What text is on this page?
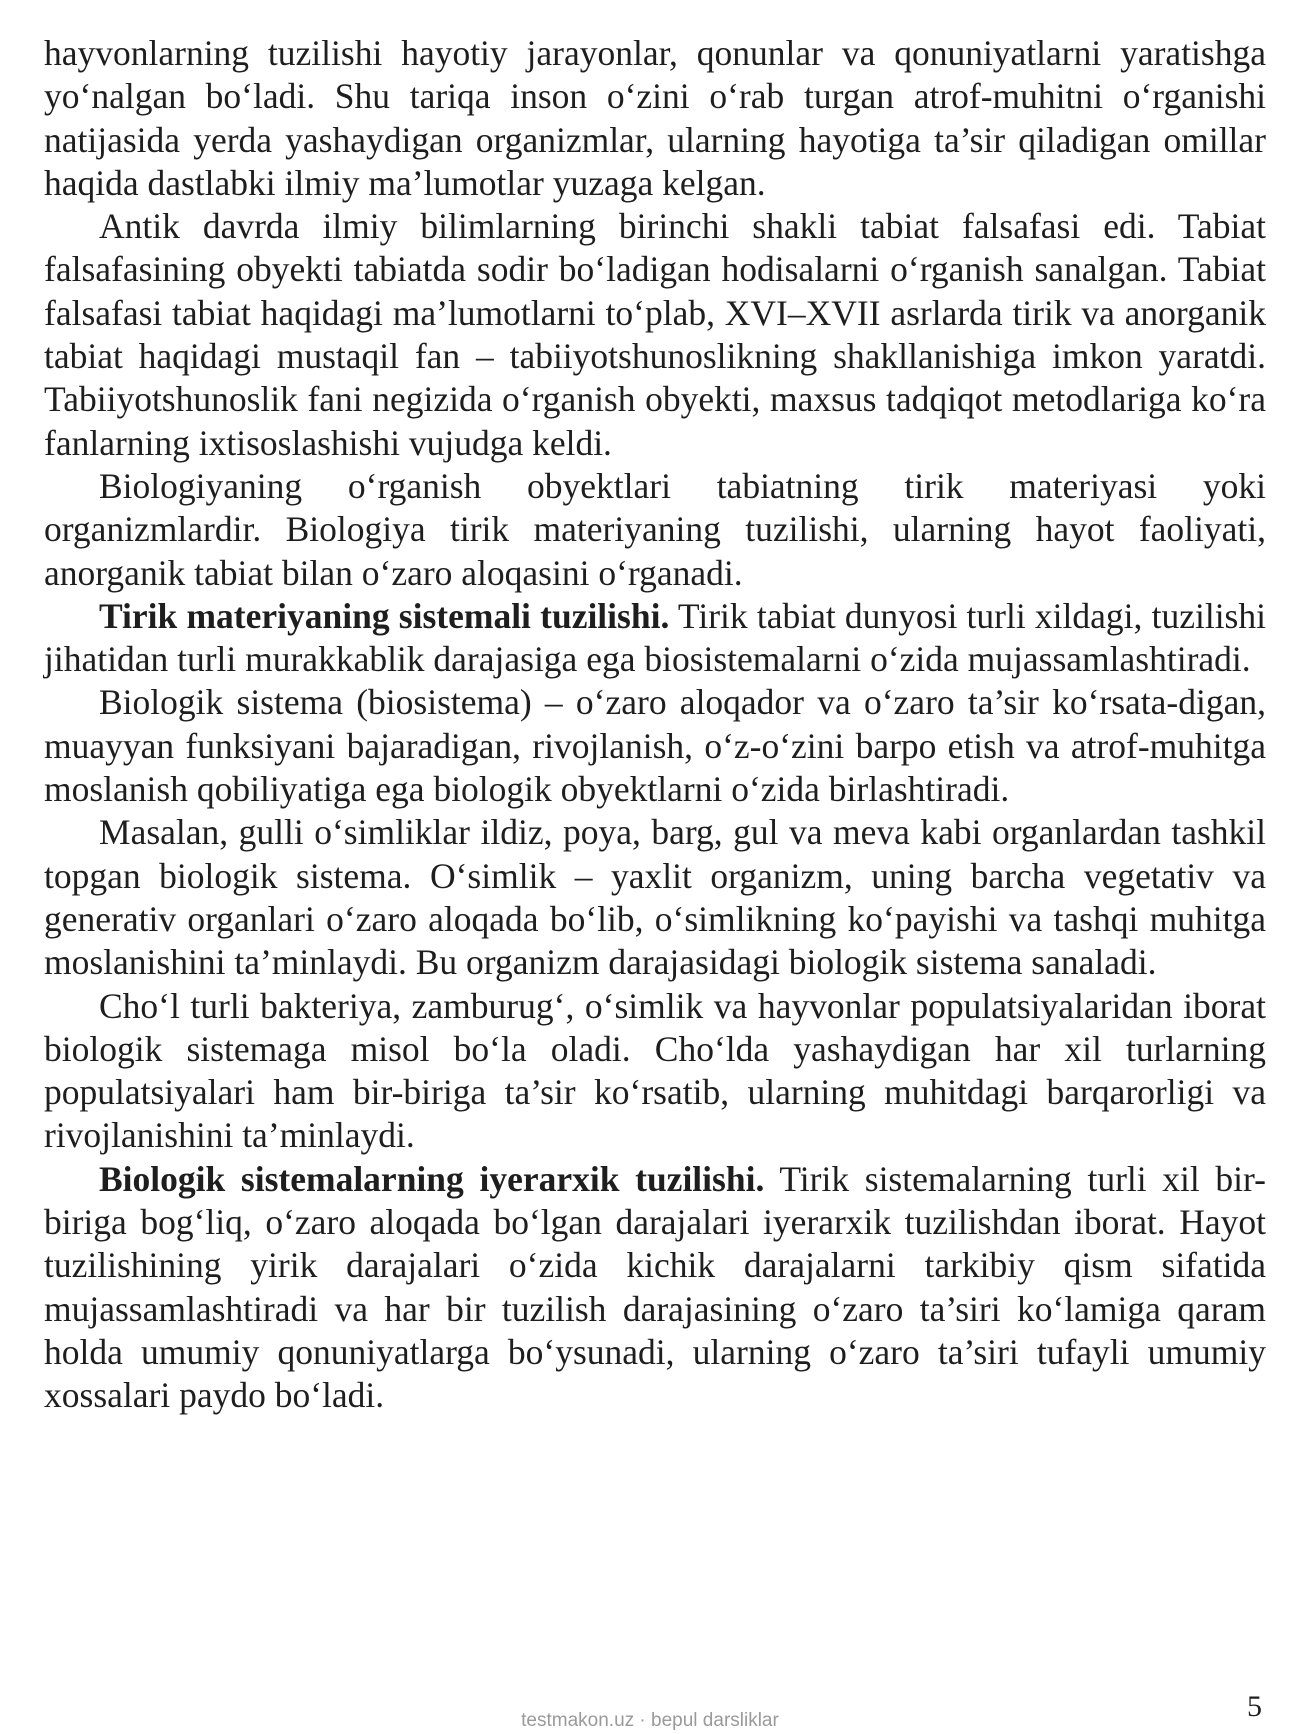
hayvonlarning tuzilishi hayotiy jarayonlar, qonunlar va qonuniyatlarni yaratishga yo‘nalgan bo‘ladi. Shu tariqa inson o‘zini o‘rab turgan atrof-muhitni o‘rganishi natijasida yerda yashaydigan organizmlar, ularning hayotiga ta’sir qiladigan omillar haqida dastlabki ilmiy ma’lumotlar yuzaga kelgan.

Antik davrda ilmiy bilimlarning birinchi shakli tabiat falsafasi edi. Tabiat falsafasining obyekti tabiatda sodir bo‘ladigan hodisalarni o‘rganish sanalgan. Tabiat falsafasi tabiat haqidagi ma’lumotlarni to‘plab, XVI–XVII asrlarda tirik va anorganik tabiat haqidagi mustaqil fan – tabiiyotshunoslikning shakllanishiga imkon yaratdi. Tabiiyotshunoslik fani negizida o‘rganish obyekti, maxsus tadqiqot metodlariga ko‘ra fanlarning ixtisoslashishi vujudga keldi.

Biologiyaning o‘rganish obyektlari tabiatning tirik materiyasi yoki organizmlardir. Biologiya tirik materiyaning tuzilishi, ularning hayot faoliyati, anorganik tabiat bilan o‘zaro aloqasini o‘rganadi.

Tirik materiyaning sistemali tuzilishi. Tirik tabiat dunyosi turli xildagi, tuzilishi jihatidan turli murakkablik darajasiga ega biosistemalarni o‘zida mujassamlashtiradi.

Biologik sistema (biosistema) – o‘zaro aloqador va o‘zaro ta’sir ko‘rsata-digan, muayyan funksiyani bajaradigan, rivojlanish, o‘z-o‘zini barpo etish va atrof-muhitga moslanish qobiliyatiga ega biologik obyektlarni o‘zida birlashtiradi.

Masalan, gulli o‘simliklar ildiz, poya, barg, gul va meva kabi organlardan tashkil topgan biologik sistema. O‘simlik – yaxlit organizm, uning barcha vegetativ va generativ organlari o‘zaro aloqada bo‘lib, o‘simlikning ko‘payishi va tashqi muhitga moslanishini ta’minlaydi. Bu organizm darajasidagi biologik sistema sanaladi.

Cho‘l turli bakteriya, zamburug‘, o‘simlik va hayvonlar populatsiyalaridan iborat biologik sistemaga misol bo‘la oladi. Cho‘lda yashaydigan har xil turlarning populatsiyalari ham bir-biriga ta’sir ko‘rsatib, ularning muhitdagi barqarorligi va rivojlanishini ta’minlaydi.

Biologik sistemalarning iyerarxik tuzilishi. Tirik sistemalarning turli xil bir-biriga bog‘liq, o‘zaro aloqada bo‘lgan darajalari iyerarxik tuzilishdan iborat. Hayot tuzilishining yirik darajalari o‘zida kichik darajalarni tarkibiy qism sifatida mujassamlashtiradi va har bir tuzilish darajasining o‘zaro ta’siri ko‘lamiga qaram holda umumiy qonuniyatlarga bo‘ysunadi, ularning o‘zaro ta’siri tufayli umumiy xossalari paydo bo‘ladi.

testmakon.uz · bepul darsliklar	5
